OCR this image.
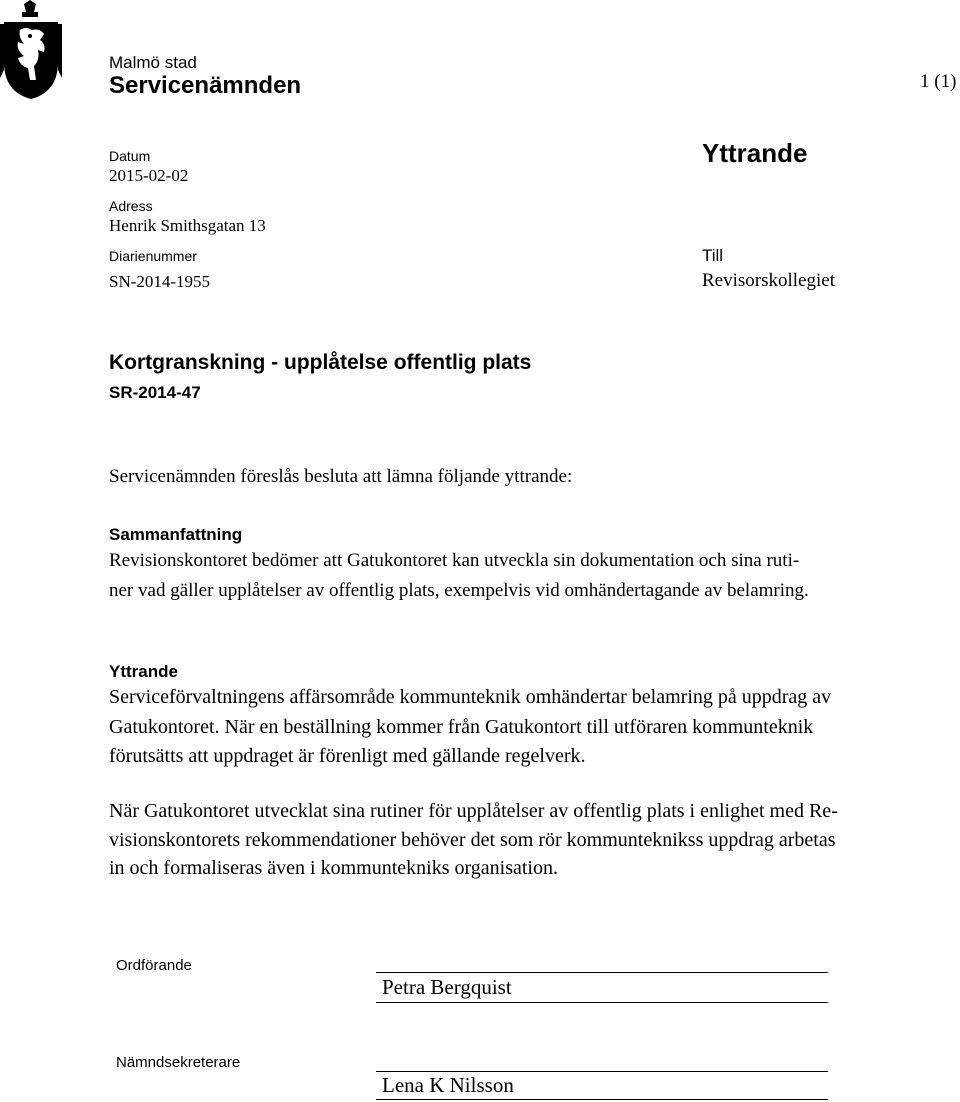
Malmö stad
Servicenämnden	1 (1)
Datum
2015-02-02
Adress
Henrik Smithsgatan 13
Diarienummer
SN-2014-1955
Yttrande
Till
Revisorskollegiet
Kortgranskning - upplåtelse offentlig plats
SR-2014-47
Servicenämnden föreslås besluta att lämna följande yttrande:
Sammanfattning
Revisionskontoret bedömer att Gatukontoret kan utveckla sin dokumentation och sina ruti-
ner vad gäller upplåtelser av offentlig plats, exempelvis vid omhändertagande av belamring.
Yttrande
Serviceförvaltningens affärsområde kommunteknik omhändertar belamring på uppdrag av
Gatukontoret. När en beställning kommer från Gatukontort till utföraren kommunteknik
förutsätts att uppdraget är förenligt med gällande regelverk.
När Gatukontoret utvecklat sina rutiner för upplåtelser av offentlig plats i enlighet med Re-
visionskontorets rekommendationer behöver det som rör kommunteknikss uppdrag arbetas
in och formaliseras även i kommuntekniks organisation.
Ordförande
Petra Bergquist
Nämndsekreterare
Lena K Nilsson
